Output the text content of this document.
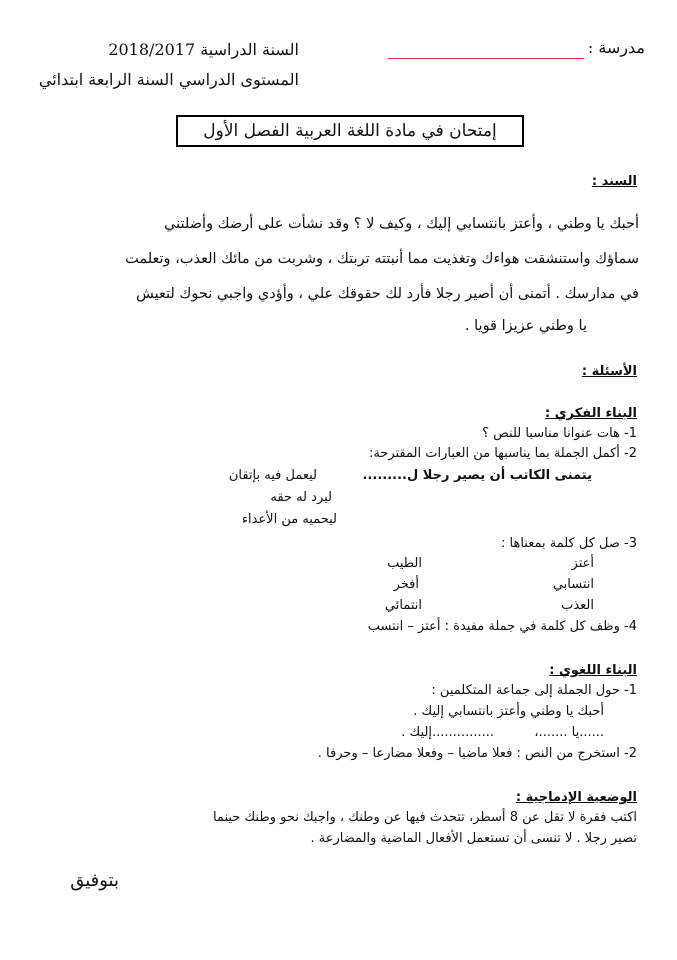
مدرسة :
السنة الدراسية 2018/2017
المستوى الدراسي السنة الرابعة ابتدائي
إمتحان في مادة اللغة العربية الفصل الأول
السند :
أحبك يا وطني ، وأعتز بانتسابي إليك ، وكيف لا ؟ وقد نشأت على أرضك وأضلتني
سماؤك واستنشقت هواءك وتغذيت مما أنبتته تربتك ، وشربت من مائك العذب، وتعلمت
في مدارسك . أتمنى أن أصير رجلا فأرد لك حقوقك علي ، وأؤدي واجبي نحوك لتعيش
يا وطني عزيزا قويا .
الأسئلة :
البناء الفكري :
1- هات عنوانا مناسبا للنص ؟
2- أكمل الجملة بما يناسبها من العبارات المقترحة:
يتمنى الكاتب أن يصير رجلا ل.........
ليعمل فيه بإتقان
ليرد له حقه
ليحميه من الأعداء
3- صل كل كلمة بمعناها :
أعتز
انتسابي
العذب
الطيب
أفخر
انتمائي
4- وظف كل كلمة في جملة مفيدة : أعتز – انتسب
البناء اللغوي :
1- حول الجملة إلى جماعة المتكلمين :
أحبك يا وطني وأعتز بانتسابي إليك .
......يا .......،
...............إليك .
2- استخرج من النص : فعلا ماضيا – وفعلا مضارعا – وحرفا .
الوضعية الإدماجية :
اكتب فقرة لا تقل عن 8 أسطر، تتحدث فيها عن وطنك ، واجبك نحو وطنك حينما
تصير رجلا . لا تنسى أن تستعمل الأفعال الماضية والمضارعة .
بتوفيق
